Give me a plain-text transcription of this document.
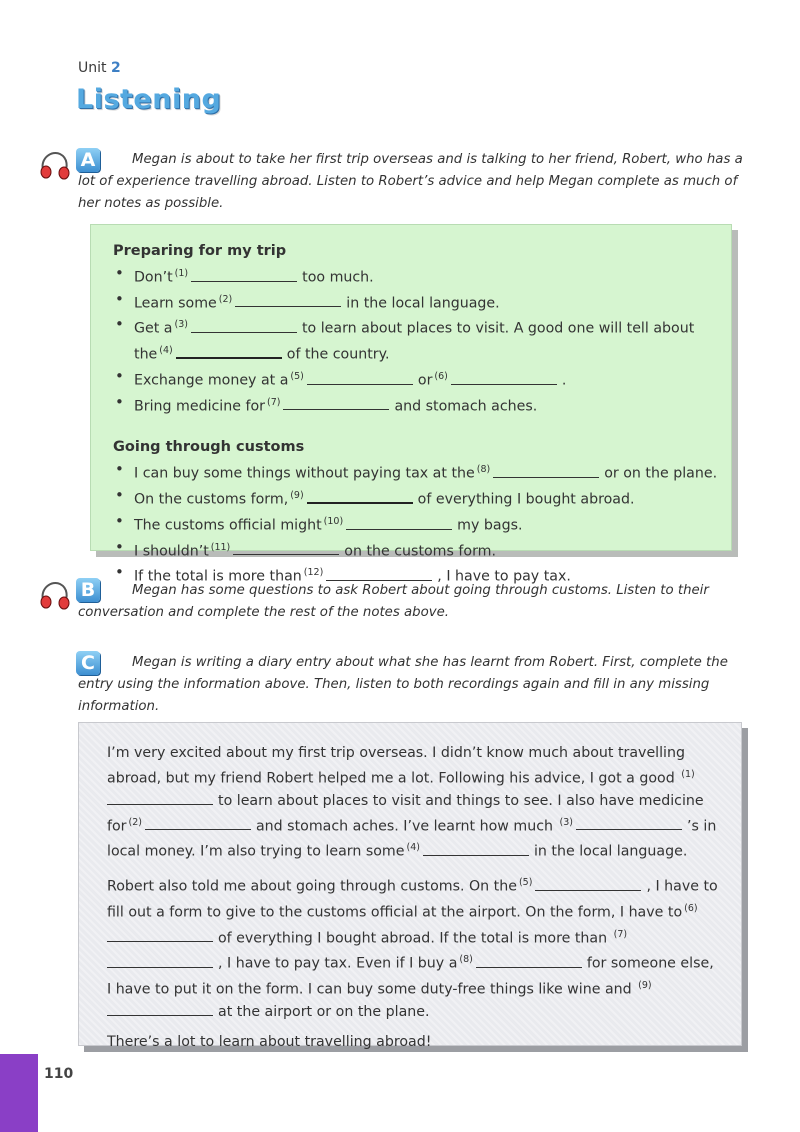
Unit 2
Listening
A	Megan is about to take her first trip overseas and is talking to her friend, Robert, who has a lot of experience travelling abroad. Listen to Robert’s advice and help Megan complete as much of her notes as possible.
Preparing for my trip
• Don’t $^{(1)}$	too much.
• Learn some $^{(2)}$	in the local language.
• Get a $^{(3)}$	to learn about places to visit. A good one will tell about
the $^{(4)}$	of the country.
• Exchange money at a $^{(5)}$	or $^{(6)}$	.
• Bring medicine for $^{(7)}$	and stomach aches.
Going through customs
• I can buy some things without paying tax at the $^{(8)}$	or on the plane.
• On the customs form, $^{(9)}$	of everything I bought abroad.
• The customs official might $^{(10)}$	my bags.
• I shouldn’t $^{(11)}$	on the customs form.
• If the total is more than $^{(12)}$	, I have to pay tax.
B	Megan has some questions to ask Robert about going through customs. Listen to their conversation and complete the rest of the notes above.
C	Megan is writing a diary entry about what she has learnt from Robert. First, complete the entry using the information above. Then, listen to both recordings again and fill in any missing information.

I’m very excited about my first trip overseas. I didn’t know much about travelling abroad, but my friend Robert helped me a lot. Following his advice, I got a good $^{(1)}$to learn about places to visit and things to see. I also have medicine for $^{(2)}$	and stomach aches. I’ve learnt how much $^{(3)}$	’s in local money. I’m also trying to learn some $^{(4)}$	in the local language.

Robert also told me about going through customs. On the $^{(5)}$	, I have to fill out a form to give to the customs official at the airport. On the form, I have to $^{(6)}$of everything I bought abroad. If the total is more than $^{(7)}$, I have to pay tax. Even if I buy a $^{(8)}$	for someone else, I have to put it on the form. I can buy some duty-free things like wine and $^{(9)}$at the airport or on the plane.

There’s a lot to learn about travelling abroad!

110
